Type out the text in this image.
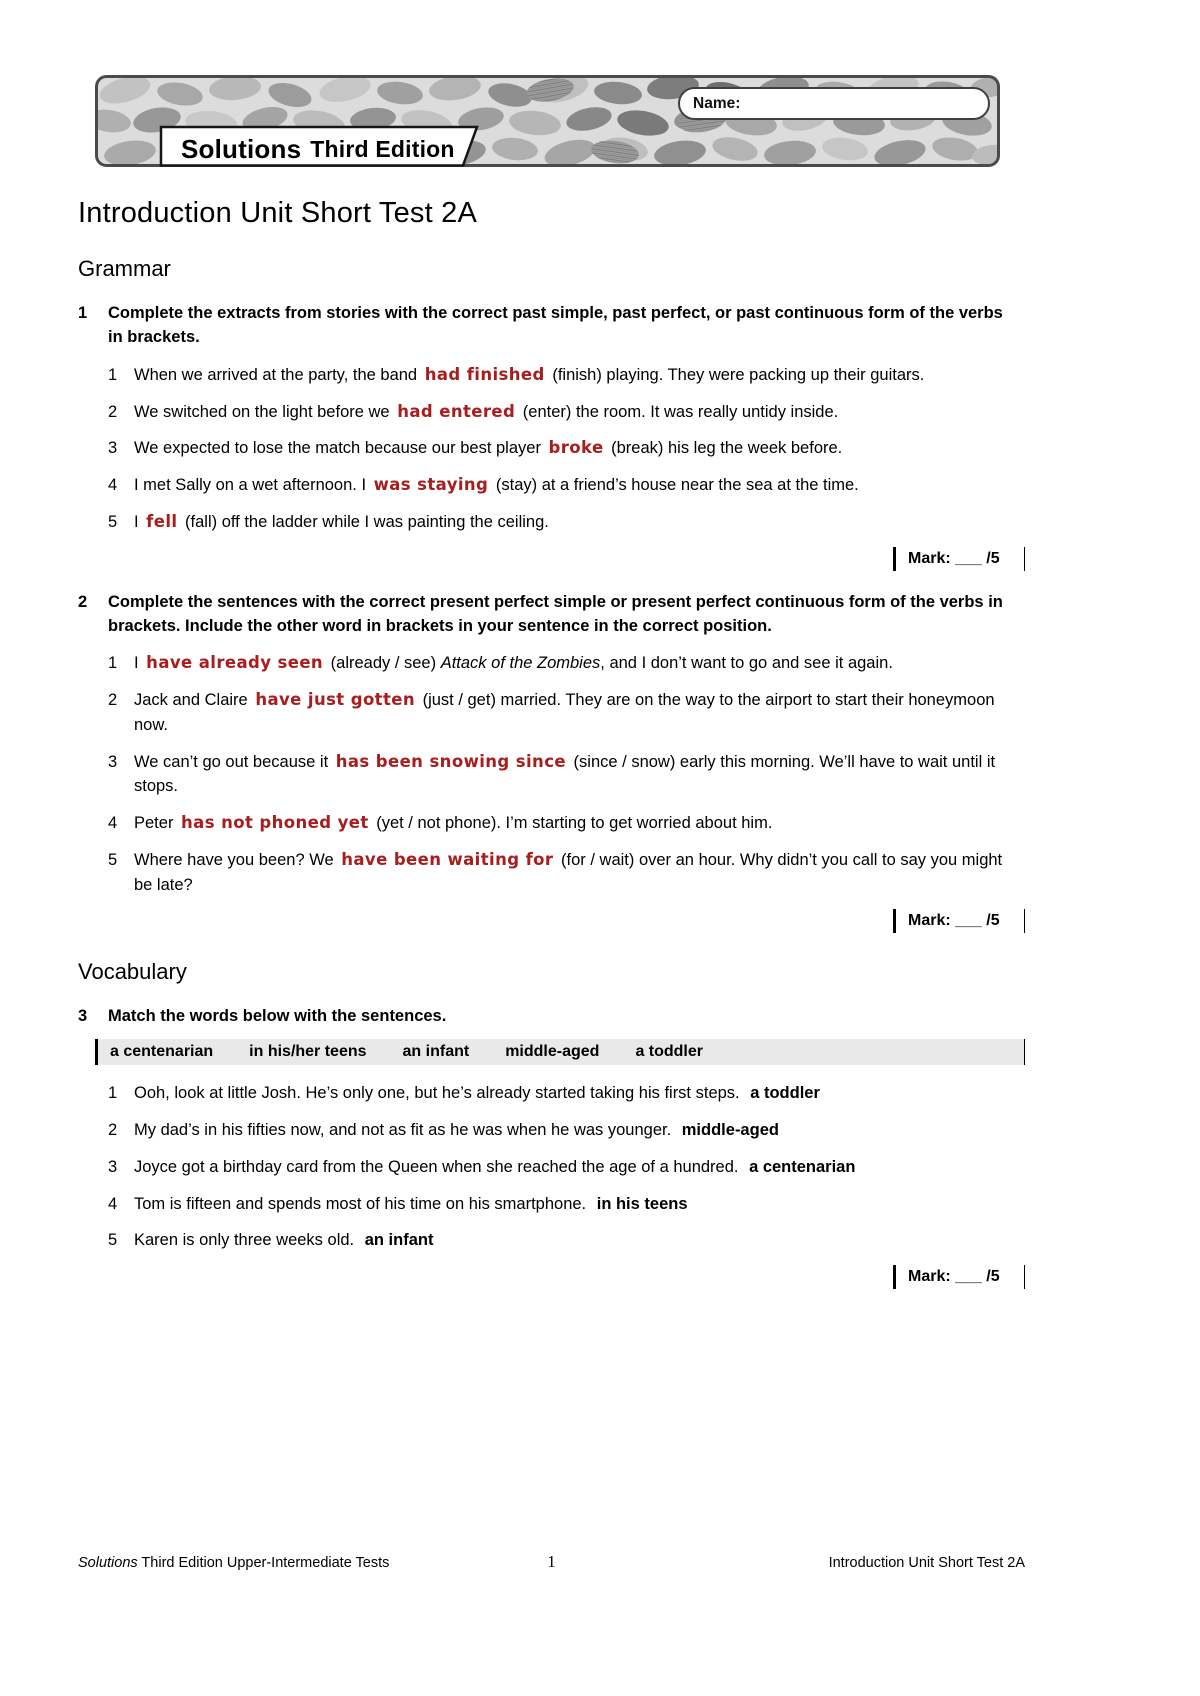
Solutions Third Edition
Name:
Introduction Unit Short Test 2A
Grammar
1	Complete the extracts from stories with the correct past simple, past perfect, or past continuous form of the verbs in brackets.
1	When we arrived at the party, the band had finished (finish) playing. They were packing up their guitars.
2	We switched on the light before we had entered (enter) the room. It was really untidy inside.
3	We expected to lose the match because our best player broke (break) his leg the week before.
4	I met Sally on a wet afternoon. I was staying (stay) at a friend’s house near the sea at the time.
5	I fell (fall) off the ladder while I was painting the ceiling.
Mark: ___ /5
2	Complete the sentences with the correct present perfect simple or present perfect continuous form of the verbs in brackets. Include the other word in brackets in your sentence in the correct position.
1	I have already seen (already / see) Attack of the Zombies, and I don’t want to go and see it again.
2	Jack and Claire have just gotten (just / get) married. They are on the way to the airport to start their honeymoon now.
3	We can’t go out because it has been snowing since (since / snow) early this morning. We’ll have to wait until it stops.
4	Peter has not phoned yet (yet / not phone). I’m starting to get worried about him.
5	Where have you been? We have been waiting for (for / wait) over an hour. Why didn’t you call to say you might be late?
Mark: ___ /5
Vocabulary
3	Match the words below with the sentences.
a centenarian in his/her teens an infant middle-aged a toddler
1	Ooh, look at little Josh. He’s only one, but he’s already started taking his first steps. a toddler
2	My dad’s in his fifties now, and not as fit as he was when he was younger. middle-aged
3	Joyce got a birthday card from the Queen when she reached the age of a hundred. a centenarian
4	Tom is fifteen and spends most of his time on his smartphone. in his teens
5	Karen is only three weeks old. an infant
Mark: ___ /5
Solutions Third Edition Upper-Intermediate Tests	1	Introduction Unit Short Test 2A
